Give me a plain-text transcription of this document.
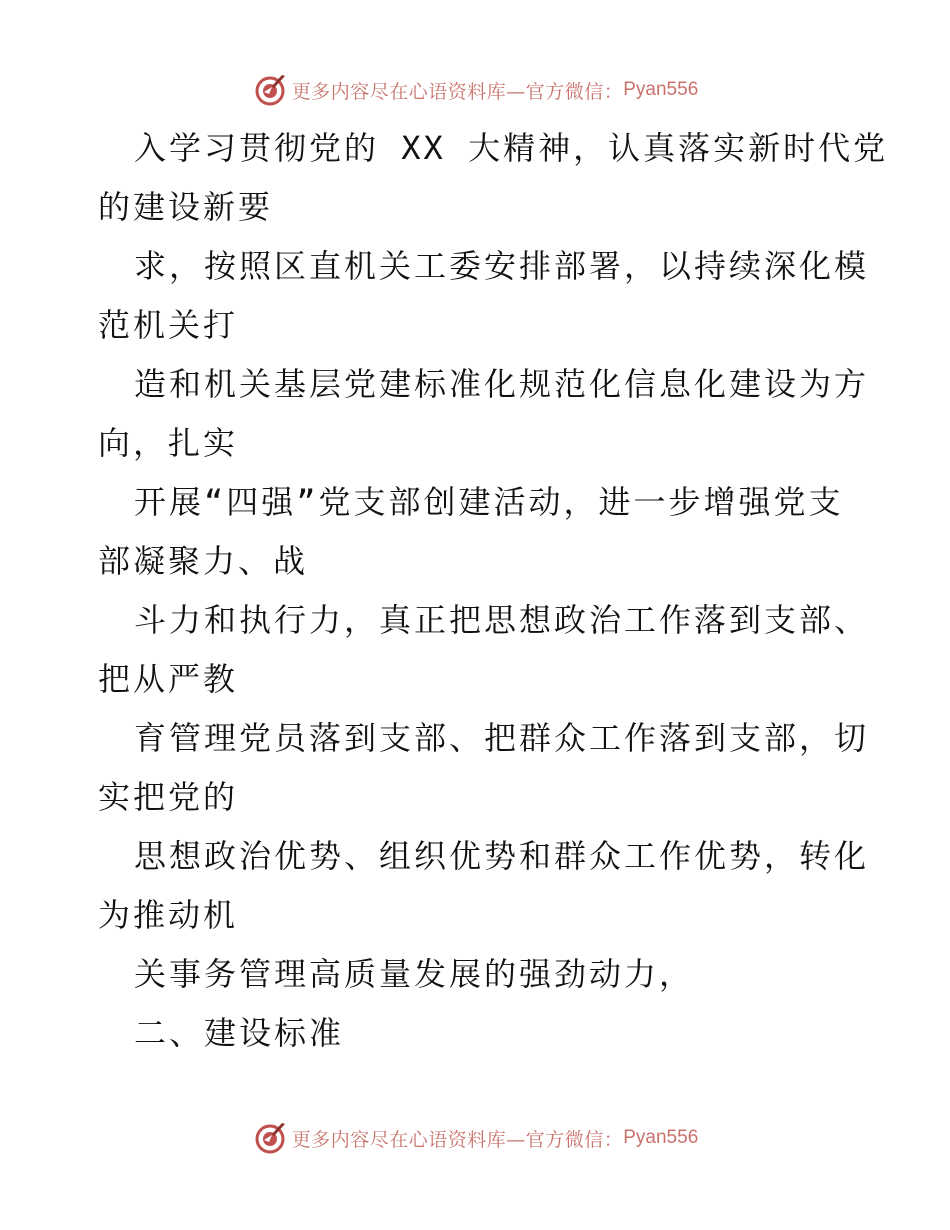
更多内容尽在心语资料库—官方微信： Pyan556
入学习贯彻党的 XX 大精神，认真落实新时代党
的建设新要
求，按照区直机关工委安排部署，以持续深化模
范机关打
造和机关基层党建标准化规范化信息化建设为方
向，扎实
开展“四强”党支部创建活动，进一步增强党支
部凝聚力、战
斗力和执行力，真正把思想政治工作落到支部、
把从严教
育管理党员落到支部、把群众工作落到支部，切
实把党的
思想政治优势、组织优势和群众工作优势，转化
为推动机
关事务管理高质量发展的强劲动力，
二、建设标准
更多内容尽在心语资料库—官方微信： Pyan556
